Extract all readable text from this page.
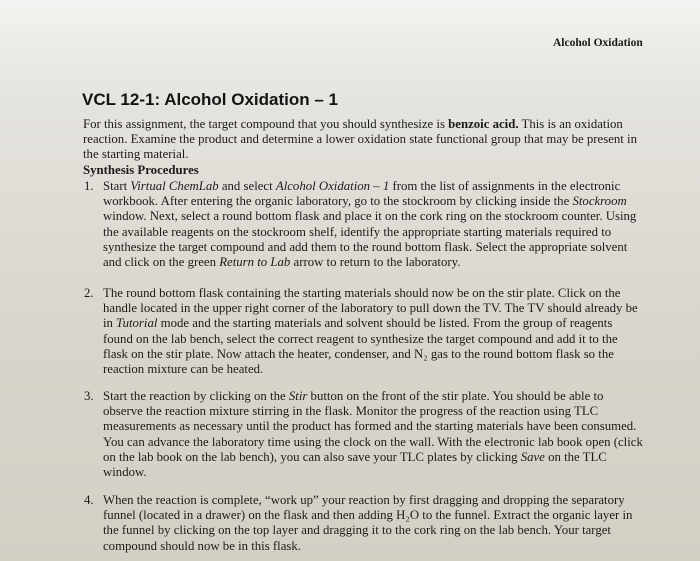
Alcohol Oxidation
VCL 12-1: Alcohol Oxidation – 1
For this assignment, the target compound that you should synthesize is benzoic acid. This is an oxidation reaction. Examine the product and determine a lower oxidation state functional group that may be present in the starting material.
Synthesis Procedures
1. Start Virtual ChemLab and select Alcohol Oxidation – 1 from the list of assignments in the electronic workbook. After entering the organic laboratory, go to the stockroom by clicking inside the Stockroom window. Next, select a round bottom flask and place it on the cork ring on the stockroom counter. Using the available reagents on the stockroom shelf, identify the appropriate starting materials required to synthesize the target compound and add them to the round bottom flask. Select the appropriate solvent and click on the green Return to Lab arrow to return to the laboratory.
2. The round bottom flask containing the starting materials should now be on the stir plate. Click on the handle located in the upper right corner of the laboratory to pull down the TV. The TV should already be in Tutorial mode and the starting materials and solvent should be listed. From the group of reagents found on the lab bench, select the correct reagent to synthesize the target compound and add it to the flask on the stir plate. Now attach the heater, condenser, and N₂ gas to the round bottom flask so the reaction mixture can be heated.
3. Start the reaction by clicking on the Stir button on the front of the stir plate. You should be able to observe the reaction mixture stirring in the flask. Monitor the progress of the reaction using TLC measurements as necessary until the product has formed and the starting materials have been consumed. You can advance the laboratory time using the clock on the wall. With the electronic lab book open (click on the lab book on the lab bench), you can also save your TLC plates by clicking Save on the TLC window.
4. When the reaction is complete, “work up” your reaction by first dragging and dropping the separatory funnel (located in a drawer) on the flask and then adding H₂O to the funnel. Extract the organic layer in the funnel by clicking on the top layer and dragging it to the cork ring on the lab bench. Your target compound should now be in this flask.
